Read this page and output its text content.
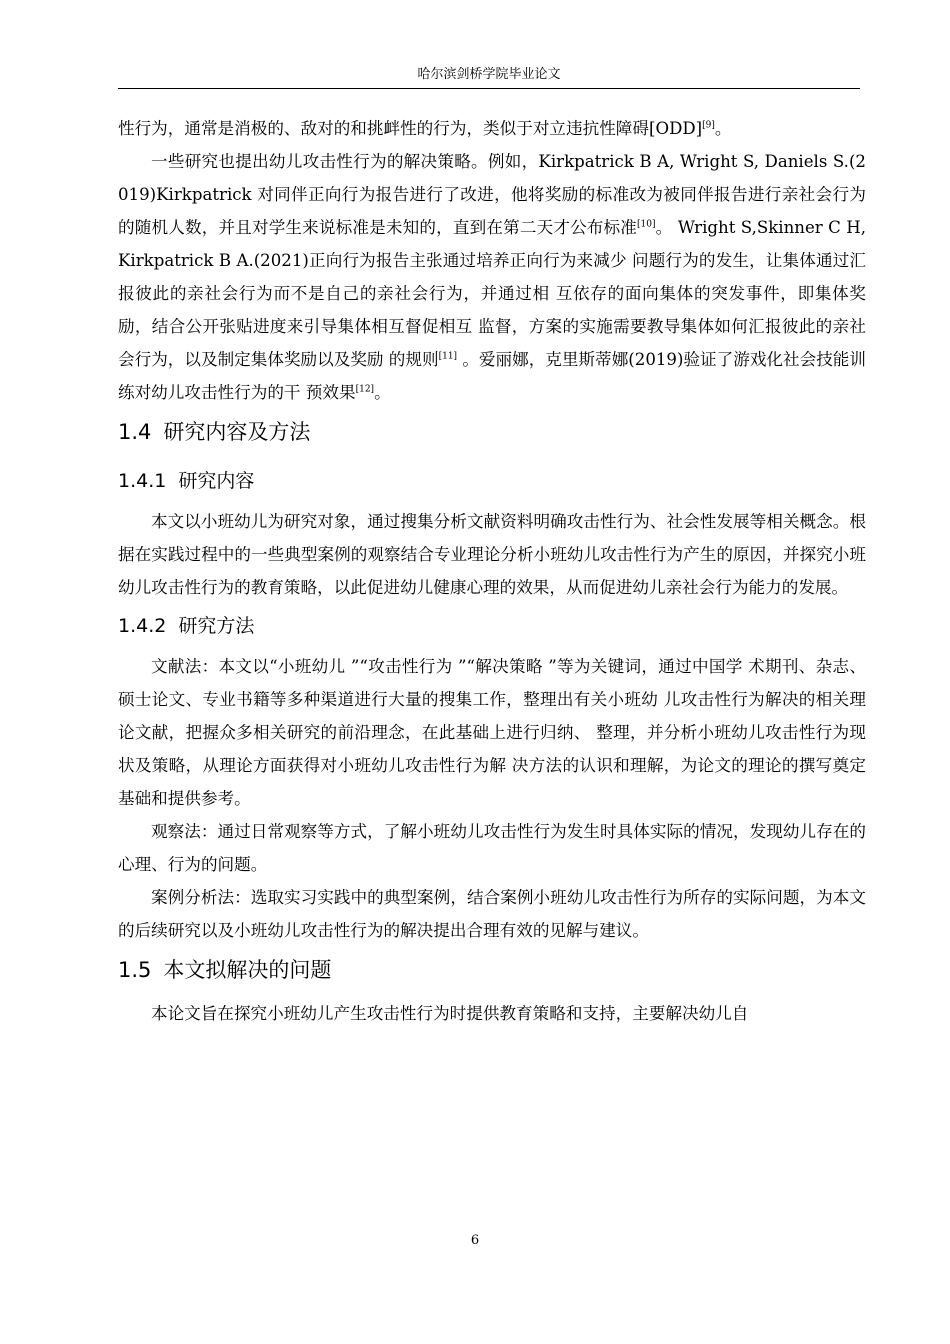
哈尔滨剑桥学院毕业论文

性行为，通常是消极的、敌对的和挑衅性的行为，类似于对立违抗性障碍[ODD][9]。

一些研究也提出幼儿攻击性行为的解决策略。例如，Kirkpatrick B A, Wright S, Daniels S.(2019)Kirkpatrick 对同伴正向行为报告进行了改进，他将奖励的标准改为被同伴报告进行亲社会行为的随机人数，并且对学生来说标准是未知的，直到在第二天才公布标准[10]。 Wright S,Skinner C H,Kirkpatrick B A.(2021)正向行为报告主张通过培养正向行为来减少 问题行为的发生，让集体通过汇报彼此的亲社会行为而不是自己的亲社会行为，并通过相 互依存的面向集体的突发事件，即集体奖励，结合公开张贴进度来引导集体相互督促相互 监督，方案的实施需要教导集体如何汇报彼此的亲社会行为，以及制定集体奖励以及奖励 的规则[11] 。爱丽娜，克里斯蒂娜(2019)验证了游戏化社会技能训练对幼儿攻击性行为的干 预效果[12]。

1.4 研究内容及方法
1.4.1 研究内容

本文以小班幼儿为研究对象，通过搜集分析文献资料明确攻击性行为、社会性发展等相关概念。根据在实践过程中的一些典型案例的观察结合专业理论分析小班幼儿攻击性行为产生的原因，并探究小班幼儿攻击性行为的教育策略，以此促进幼儿健康心理的效果，从而促进幼儿亲社会行为能力的发展。

1.4.2 研究方法

文献法：本文以“小班幼儿 ”“攻击性行为 ”“解决策略 ”等为关键词，通过中国学 术期刊、杂志、硕士论文、专业书籍等多种渠道进行大量的搜集工作，整理出有关小班幼 儿攻击性行为解决的相关理论文献，把握众多相关研究的前沿理念，在此基础上进行归纳、 整理，并分析小班幼儿攻击性行为现状及策略，从理论方面获得对小班幼儿攻击性行为解 决方法的认识和理解，为论文的理论的撰写奠定基础和提供参考。

观察法：通过日常观察等方式，了解小班幼儿攻击性行为发生时具体实际的情况，发现幼儿存在的心理、行为的问题。

案例分析法：选取实习实践中的典型案例，结合案例小班幼儿攻击性行为所存的实际问题，为本文的后续研究以及小班幼儿攻击性行为的解决提出合理有效的见解与建议。

1.5 本文拟解决的问题

本论文旨在探究小班幼儿产生攻击性行为时提供教育策略和支持，主要解决幼儿自

6
